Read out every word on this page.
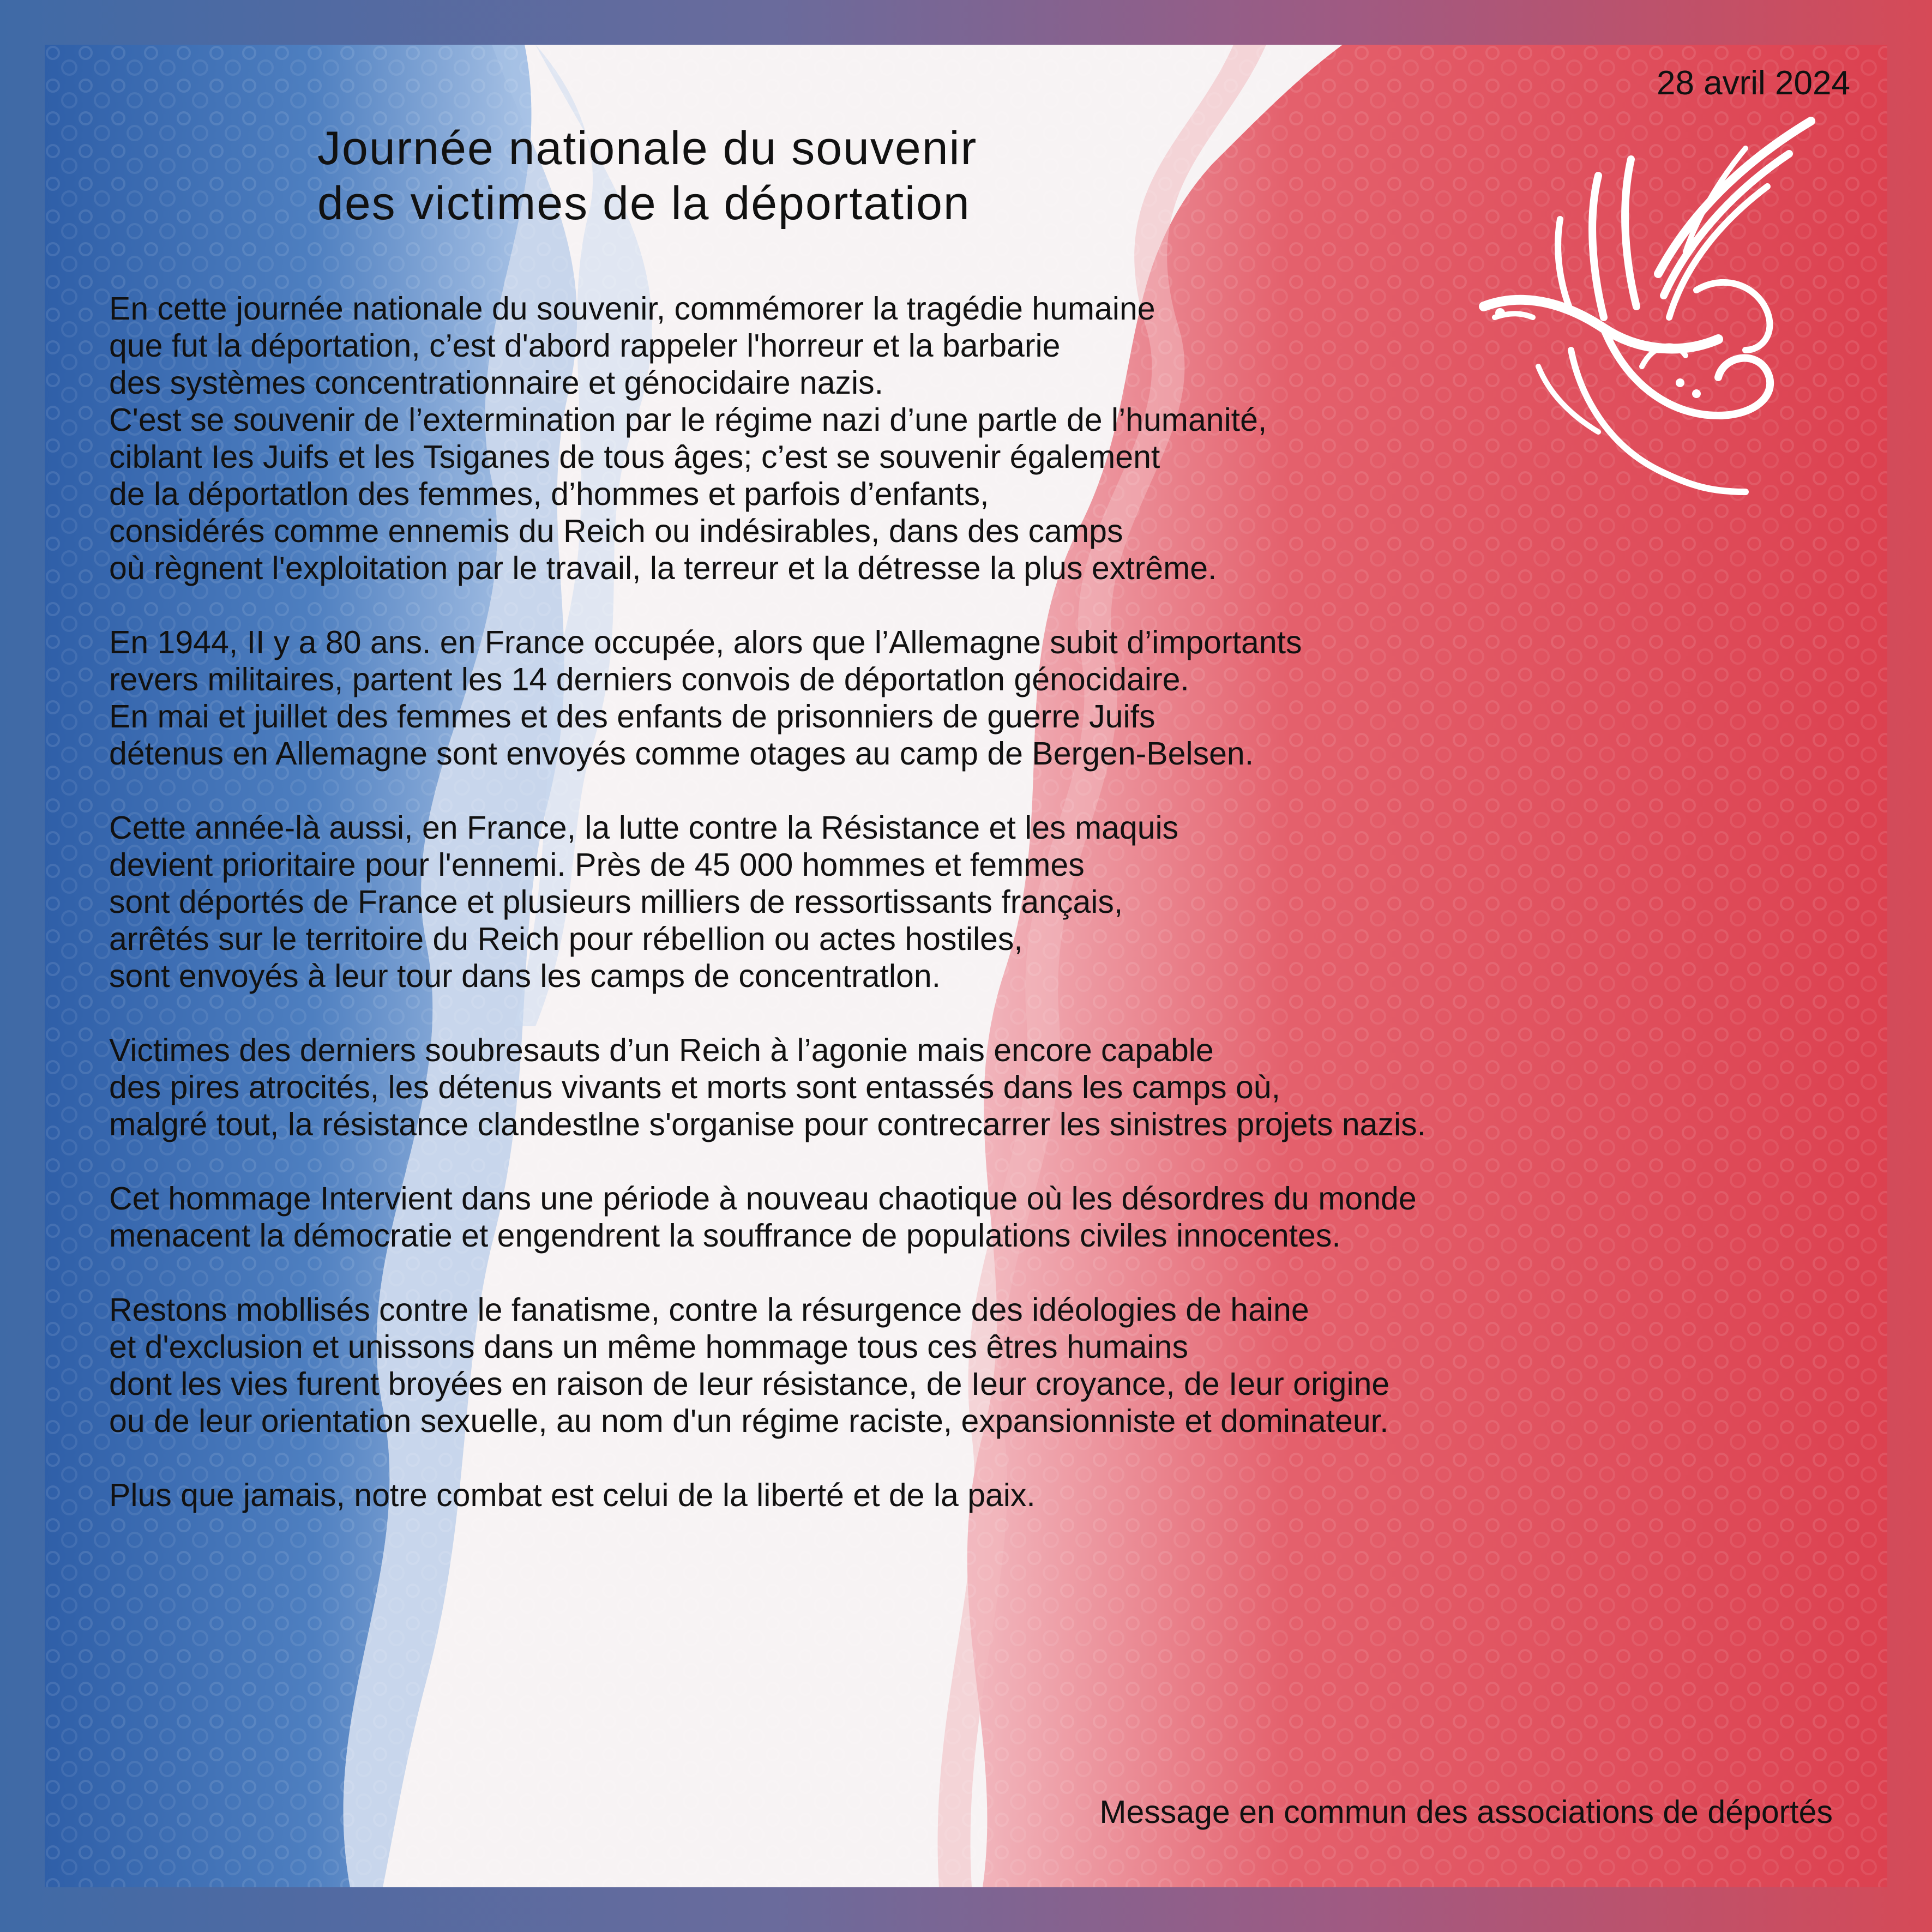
28 avril 2024
Journée nationale du souvenir
des victimes de la déportation

En cette journée nationale du souvenir, commémorer la tragédie humaine
que fut la déportation, c’est d'abord rappeler l'horreur et la barbarie
des systèmes concentrationnaire et génocidaire nazis.
C'est se souvenir de l’extermination par le régime nazi d’une partle de l’humanité,
ciblant Ies Juifs et les Tsiganes de tous âges; c’est se souvenir également
de la déportatlon des femmes, d’hommes et parfois d’enfants,
considérés comme ennemis du Reich ou indésirables, dans des camps
où règnent l'exploitation par le travail, la terreur et la détresse la plus extrême.

En 1944, II y a 80 ans. en France occupée, alors que l’Allemagne subit d’importants
revers militaires, partent les 14 derniers convois de déportatlon génocidaire.
En mai et juillet des femmes et des enfants de prisonniers de guerre Juifs
détenus en Allemagne sont envoyés comme otages au camp de Bergen-Belsen.

Cette année-là aussi, en France, la lutte contre la Résistance et les maquis
devient prioritaire pour l'ennemi. Près de 45 000 hommes et femmes
sont déportés de France et plusieurs milliers de ressortissants français,
arrêtés sur le territoire du Reich pour rébeIlion ou actes hostiles,
sont envoyés à leur tour dans les camps de concentratlon.

Victimes des derniers soubresauts d’un Reich à l’agonie mais encore capable
des pires atrocités, les détenus vivants et morts sont entassés dans les camps où,
malgré tout, la résistance clandestlne s'organise pour contrecarrer les sinistres projets nazis.

Cet hommage Intervient dans une période à nouveau chaotique où les désordres du monde
menacent la démocratie et engendrent la souffrance de populations civiles innocentes.

Restons mobllisés contre le fanatisme, contre la résurgence des idéologies de haine
et d'exclusion et unissons dans un même hommage tous ces êtres humains
dont les vies furent broyées en raison de Ieur résistance, de Ieur croyance, de Ieur origine
ou de leur orientation sexuelle, au nom d'un régime raciste, expansionniste et dominateur.

Plus que jamais, notre combat est celui de la liberté et de la paix.

Message en commun des associations de déportés
